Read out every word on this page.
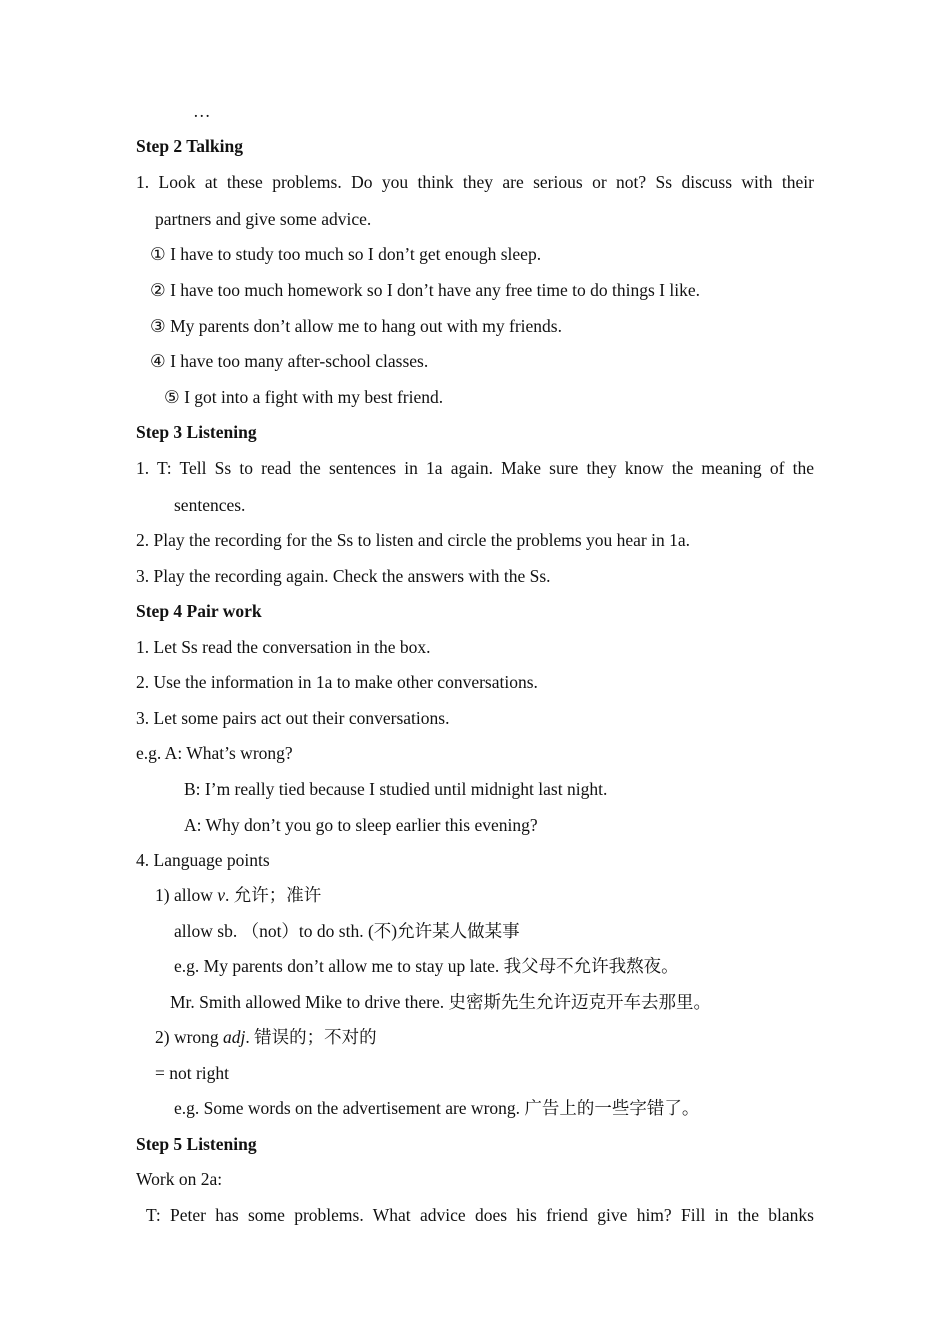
…
Step 2 Talking
1. Look at these problems. Do you think they are serious or not? Ss discuss with their
partners and give some advice.
① I have to study too much so I don’t get enough sleep.
② I have too much homework so I don’t have any free time to do things I like.
③ My parents don’t allow me to hang out with my friends.
④ I have too many after-school classes.
⑤ I got into a fight with my best friend.
Step 3 Listening
1. T: Tell Ss to read the sentences in 1a again. Make sure they know the meaning of the
sentences.
2. Play the recording for the Ss to listen and circle the problems you hear in 1a.
3. Play the recording again. Check the answers with the Ss.
Step 4 Pair work
1. Let Ss read the conversation in the box.
2. Use the information in 1a to make other conversations.
3. Let some pairs act out their conversations.
e.g. A: What’s wrong?
B: I’m really tied because I studied until midnight last night.
A: Why don’t you go to sleep earlier this evening?
4. Language points
1) allow v. 允许；准许
allow sb. （not）to do sth. (不)允许某人做某事
e.g. My parents don’t allow me to stay up late. 我父母不允许我熬夜。
Mr. Smith allowed Mike to drive there. 史密斯先生允许迈克开车去那里。
2) wrong adj. 错误的；不对的
= not right
e.g. Some words on the advertisement are wrong. 广告上的一些字错了。
Step 5 Listening
Work on 2a:
T: Peter has some problems. What advice does his friend give him? Fill in the blanks
